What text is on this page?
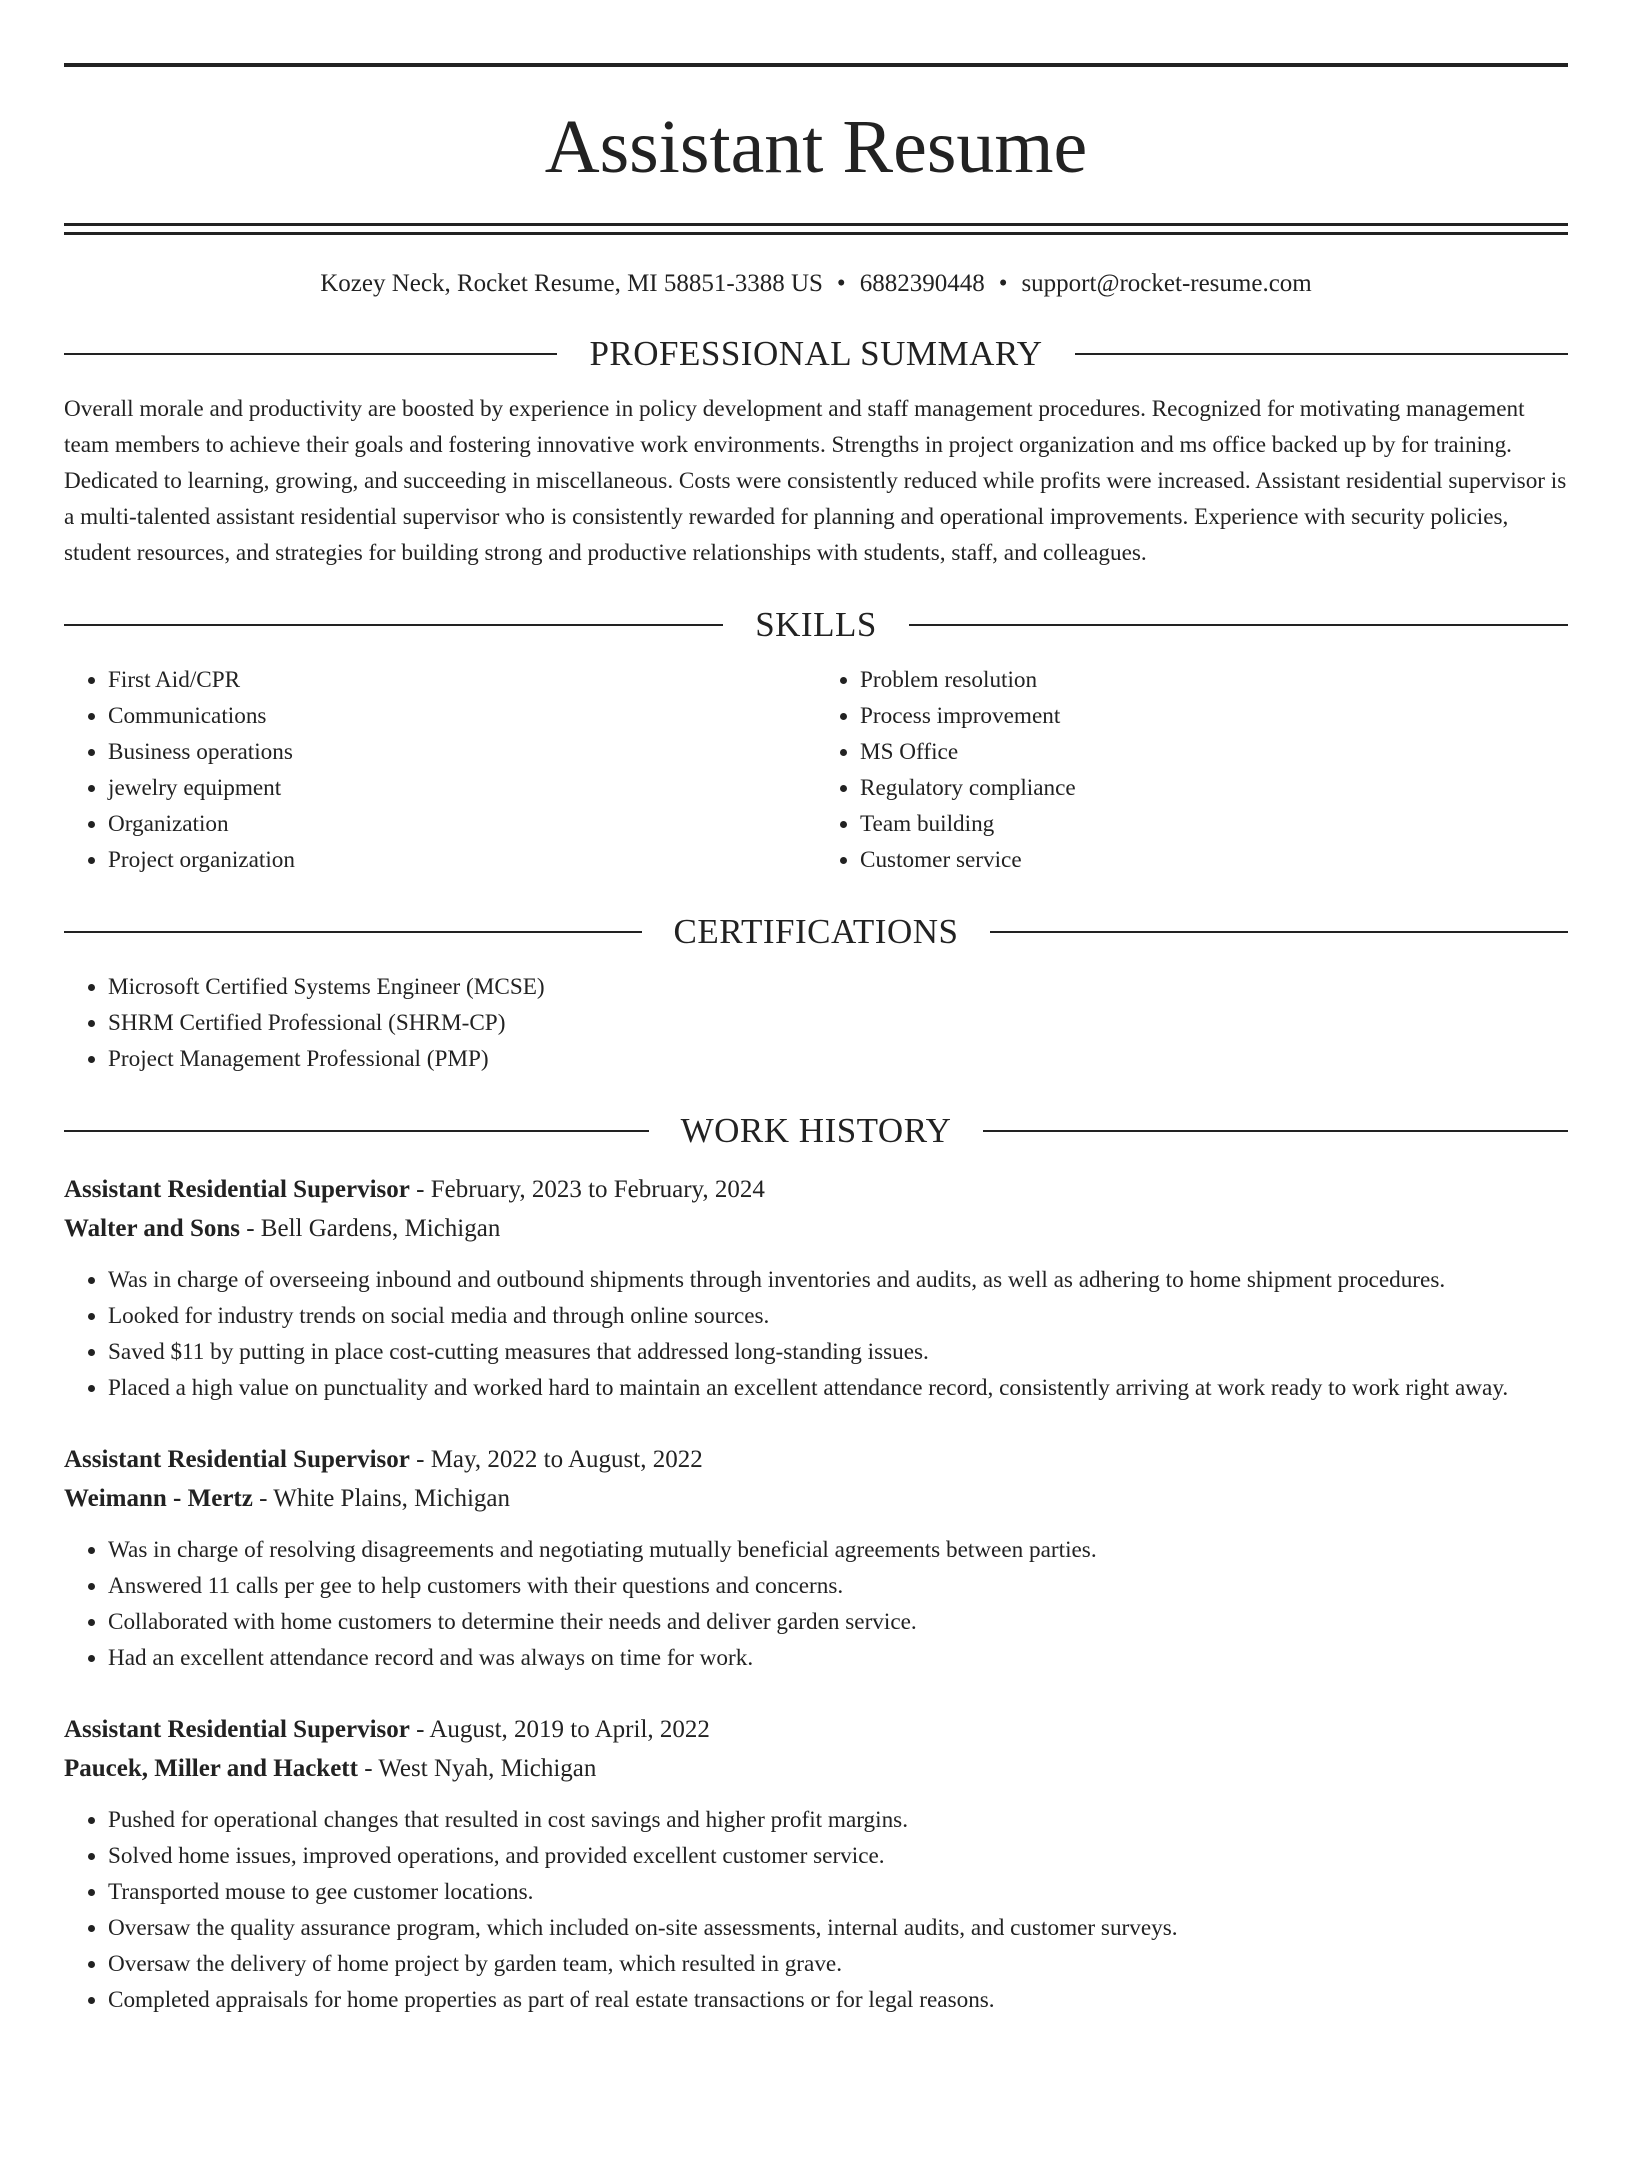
Assistant Resume
Kozey Neck, Rocket Resume, MI 58851-3388 US • 6882390448 • support@rocket-resume.com
PROFESSIONAL SUMMARY
Overall morale and productivity are boosted by experience in policy development and staff management procedures. Recognized for motivating management team members to achieve their goals and fostering innovative work environments. Strengths in project organization and ms office backed up by for training. Dedicated to learning, growing, and succeeding in miscellaneous. Costs were consistently reduced while profits were increased. Assistant residential supervisor is a multi-talented assistant residential supervisor who is consistently rewarded for planning and operational improvements. Experience with security policies, student resources, and strategies for building strong and productive relationships with students, staff, and colleagues.
SKILLS
• First Aid/CPR
• Communications
• Business operations
• jewelry equipment
• Organization
• Project organization
• Problem resolution
• Process improvement
• MS Office
• Regulatory compliance
• Team building
• Customer service
CERTIFICATIONS
• Microsoft Certified Systems Engineer (MCSE)
• SHRM Certified Professional (SHRM-CP)
• Project Management Professional (PMP)
WORK HISTORY
Assistant Residential Supervisor - February, 2023 to February, 2024
Walter and Sons - Bell Gardens, Michigan
• Was in charge of overseeing inbound and outbound shipments through inventories and audits, as well as adhering to home shipment procedures.
• Looked for industry trends on social media and through online sources.
• Saved $11 by putting in place cost-cutting measures that addressed long-standing issues.
• Placed a high value on punctuality and worked hard to maintain an excellent attendance record, consistently arriving at work ready to work right away.
Assistant Residential Supervisor - May, 2022 to August, 2022
Weimann - Mertz - White Plains, Michigan
• Was in charge of resolving disagreements and negotiating mutually beneficial agreements between parties.
• Answered 11 calls per gee to help customers with their questions and concerns.
• Collaborated with home customers to determine their needs and deliver garden service.
• Had an excellent attendance record and was always on time for work.
Assistant Residential Supervisor - August, 2019 to April, 2022
Paucek, Miller and Hackett - West Nyah, Michigan
• Pushed for operational changes that resulted in cost savings and higher profit margins.
• Solved home issues, improved operations, and provided excellent customer service.
• Transported mouse to gee customer locations.
• Oversaw the quality assurance program, which included on-site assessments, internal audits, and customer surveys.
• Oversaw the delivery of home project by garden team, which resulted in grave.
• Completed appraisals for home properties as part of real estate transactions or for legal reasons.
